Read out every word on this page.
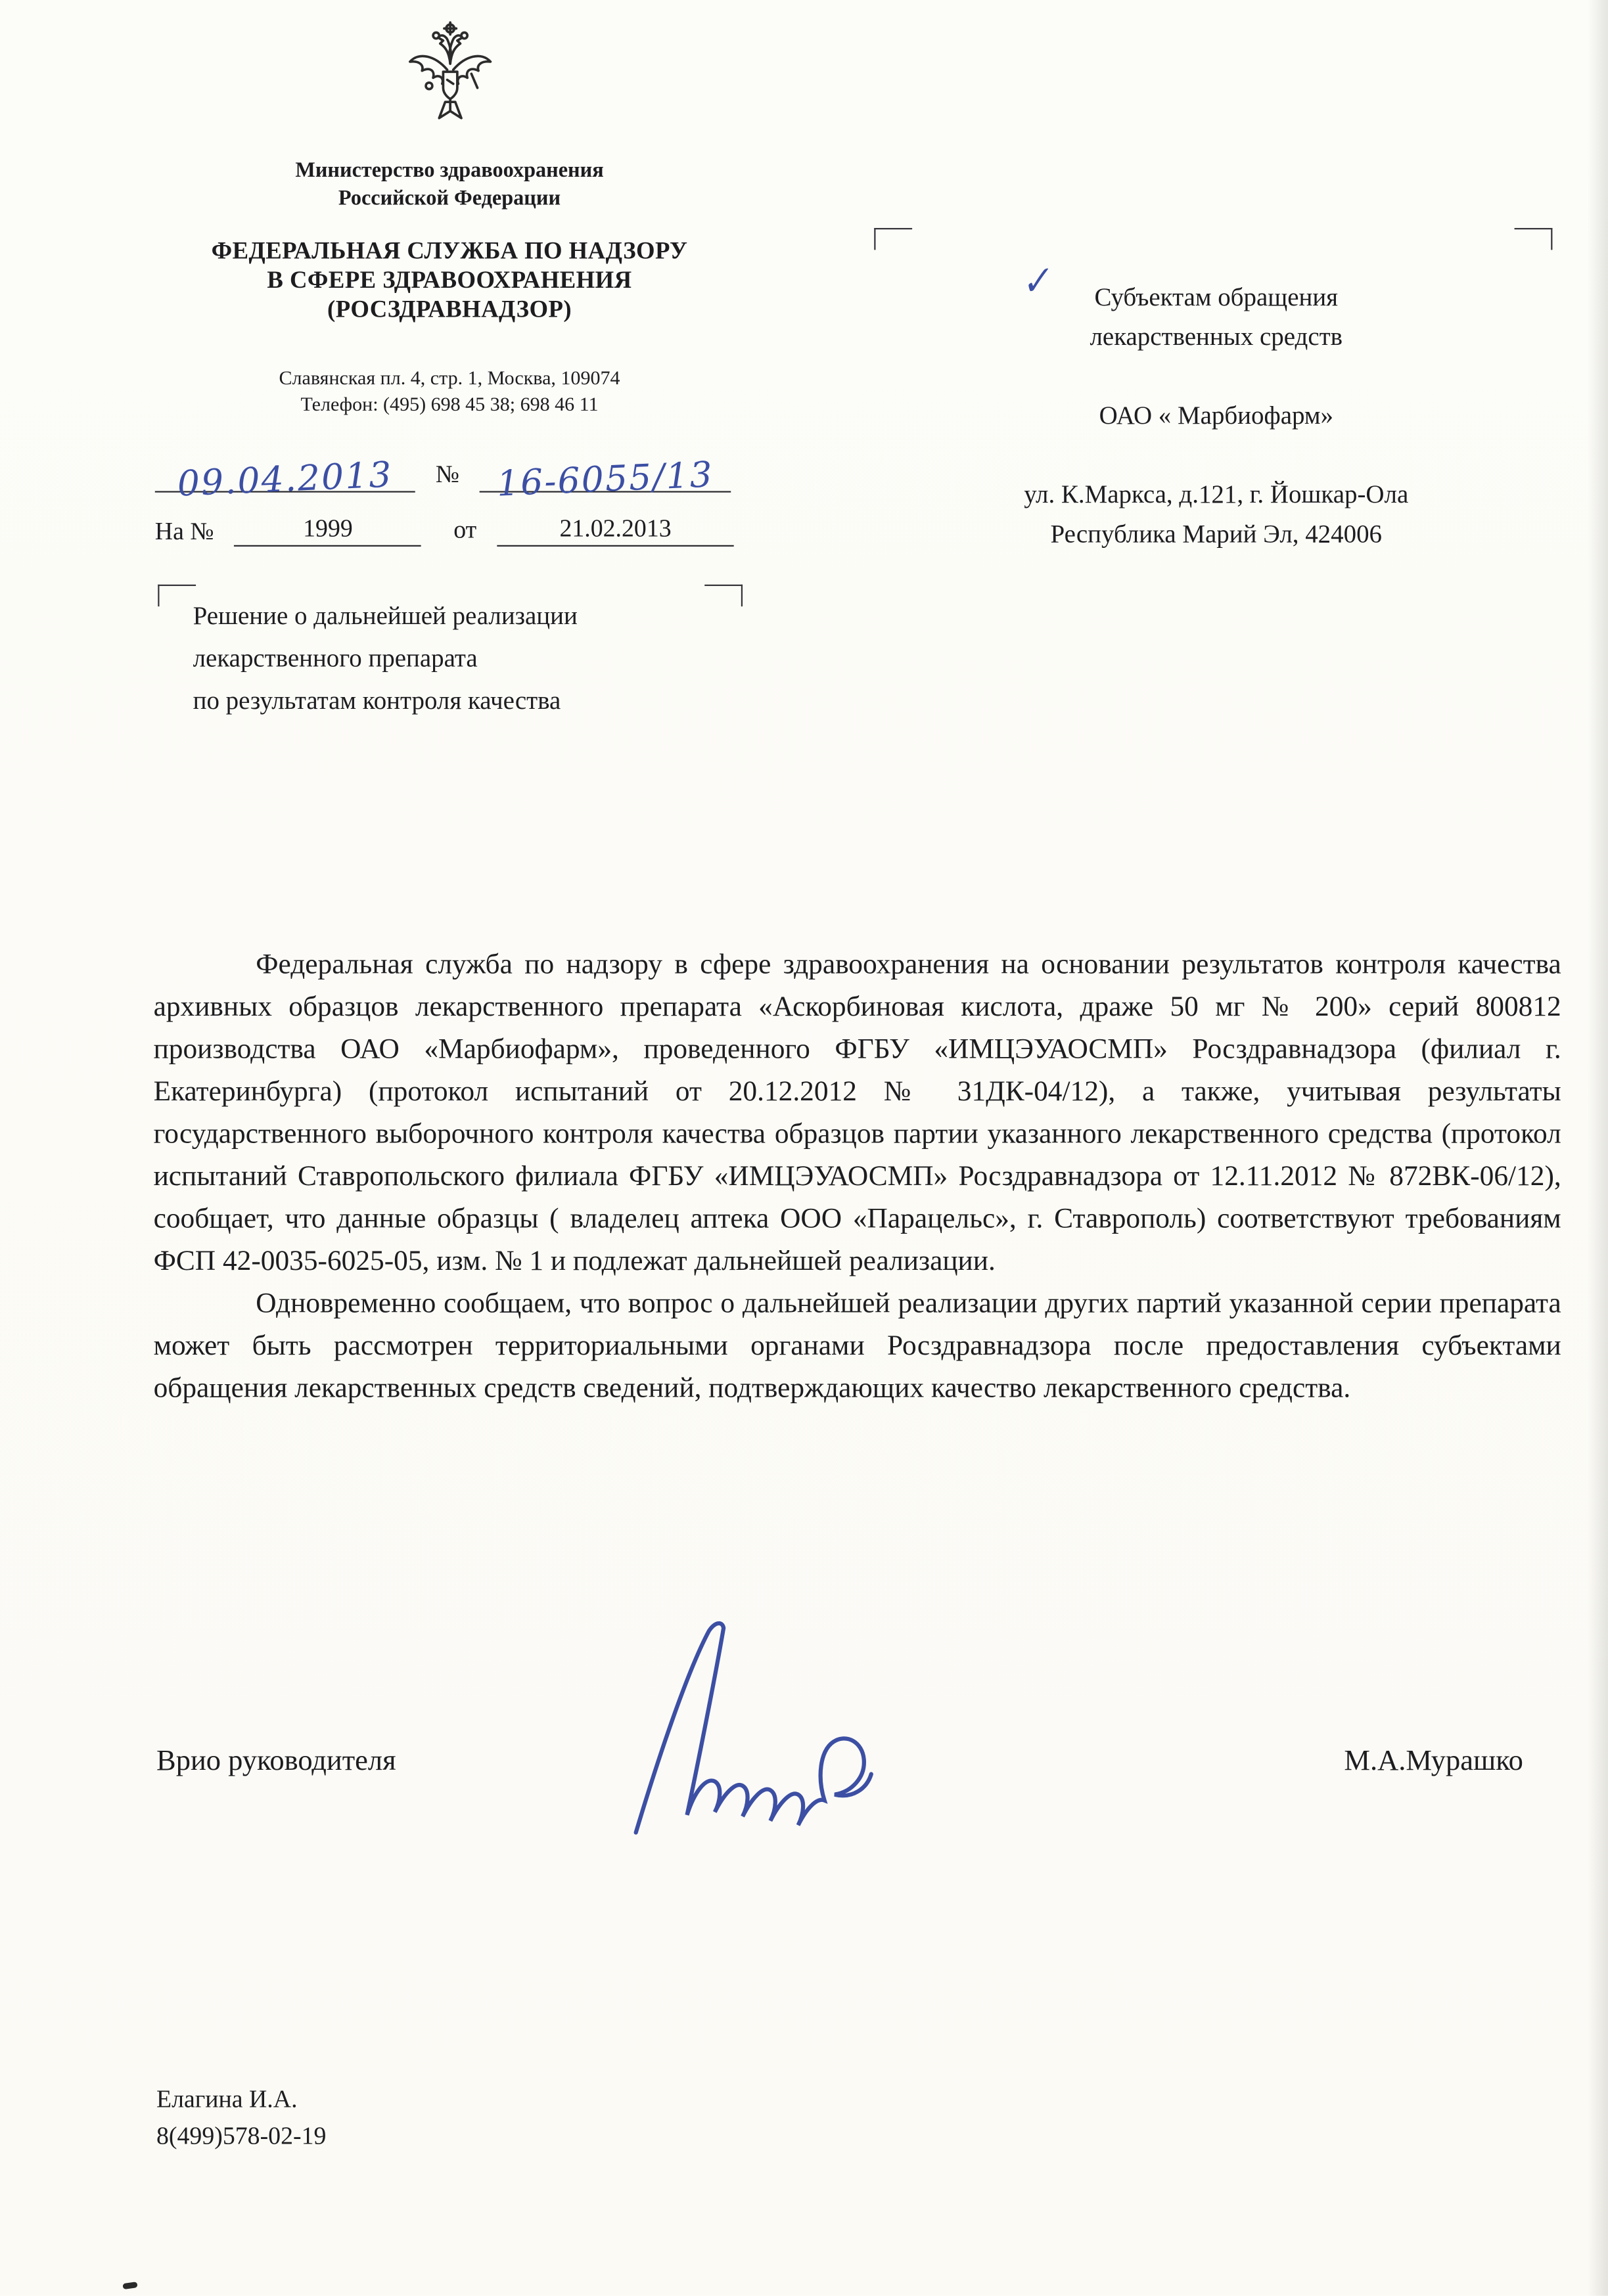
Министерство здравоохранения
Российской Федерации
ФЕДЕРАЛЬНАЯ СЛУЖБА ПО НАДЗОРУ
В СФЕРЕ ЗДРАВООХРАНЕНИЯ
(РОСЗДРАВНАДЗОР)
Славянская пл. 4, стр. 1, Москва, 109074
Телефон: (495) 698 45 38; 698 46 11
09.04.2013	№	16-6055/13
На №	1999	от	21.02.2013
✓	Субъектам обращения
лекарственных средств
ОАО « Марбиофарм»
ул. К.Маркса, д.121, г. Йошкар-Ола
Республика Марий Эл, 424006
Решение о дальнейшей реализации
лекарственного препарата
по результатам контроля качества

Федеральная служба по надзору в сфере здравоохранения на основании результатов контроля качества архивных образцов лекарственного препарата «Аскорбиновая кислота, драже 50 мг № 200» серий 800812 производства ОАО «Марбиофарм», проведенного ФГБУ «ИМЦЭУАОСМП» Росздравнадзора (филиал г. Екатеринбурга) (протокол испытаний от 20.12.2012 № 31ДК-04/12), а также, учитывая результаты государственного выборочного контроля качества образцов партии указанного лекарственного средства (протокол испытаний Ставропольского филиала ФГБУ «ИМЦЭУАОСМП» Росздравнадзора от 12.11.2012 № 872ВК-06/12), сообщает, что данные образцы ( владелец аптека ООО «Парацельс», г. Ставрополь) соответствуют требованиям ФСП 42-0035-6025-05, изм. № 1 и подлежат дальнейшей реализации.

Одновременно сообщаем, что вопрос о дальнейшей реализации других партий указанной серии препарата может быть рассмотрен территориальными органами Росздравнадзора после предоставления субъектами обращения лекарственных средств сведений, подтверждающих качество лекарственного средства.

Врио руководителя	М.А.Мурашко
Елагина И.А.
8(499)578-02-19
